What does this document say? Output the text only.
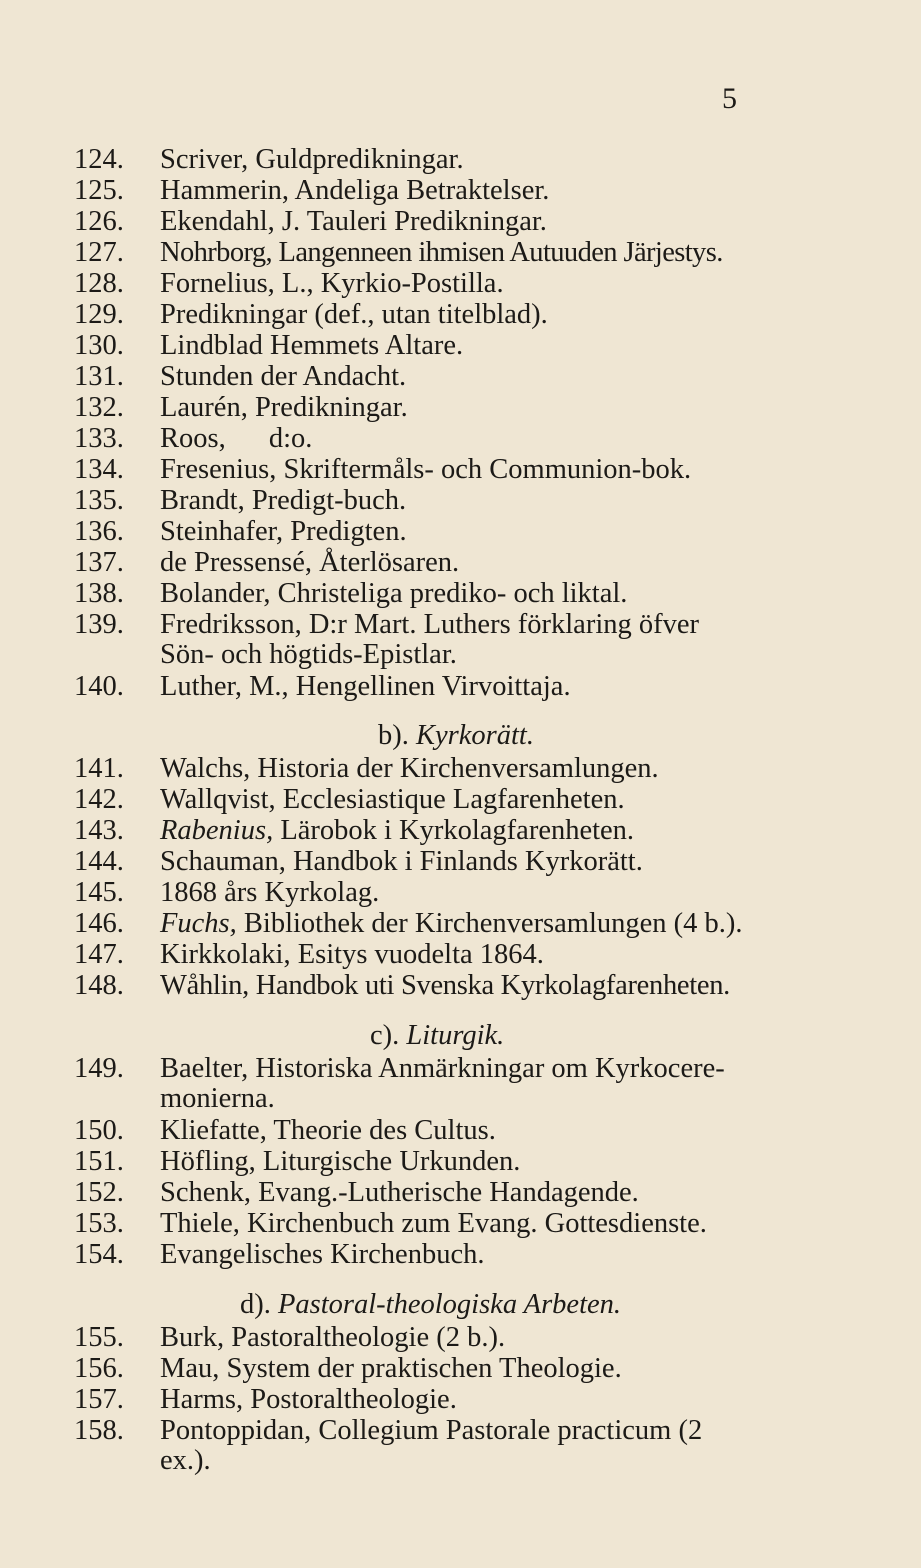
5
124.	Scriver, Guldpredikningar.
125.	Hammerin, Andeliga Betraktelser.
126.	Ekendahl, J. Tauleri Predikningar.
127.	Nohrborg, Langenneen ihmisen Autuuden Järjestys.
128.	Fornelius, L., Kyrkio-Postilla.
129.	Predikningar (def., utan titelblad).
130.	Lindblad Hemmets Altare.
131.	Stunden der Andacht.
132.	Laurén, Predikningar.
133.	Roos, d:o.
134.	Fresenius, Skriftermåls- och Communion-bok.
135.	Brandt, Predigt-buch.
136.	Steinhafer, Predigten.
137.	de Pressensé, Återlösaren.
138.	Bolander, Christeliga prediko- och liktal.
139.	Fredriksson, D:r Mart. Luthers förklaring öfver
Sön- och högtids-Epistlar.
140.	Luther, M., Hengellinen Virvoittaja.
b). Kyrkorätt.
141.	Walchs, Historia der Kirchenversamlungen.
142.	Wallqvist, Ecclesiastique Lagfarenheten.
143.	Rabenius, Lärobok i Kyrkolagfarenheten.
144.	Schauman, Handbok i Finlands Kyrkorätt.
145.	1868 års Kyrkolag.
146.	Fuchs, Bibliothek der Kirchenversamlungen (4 b.).
147.	Kirkkolaki, Esitys vuodelta 1864.
148.	Wåhlin, Handbok uti Svenska Kyrkolagfarenheten.
c). Liturgik.
149.	Baelter, Historiska Anmärkningar om Kyrkocere-
monierna.
150.	Kliefatte, Theorie des Cultus.
151.	Höfling, Liturgische Urkunden.
152.	Schenk, Evang.-Lutherische Handagende.
153.	Thiele, Kirchenbuch zum Evang. Gottesdienste.
154.	Evangelisches Kirchenbuch.
d). Pastoral-theologiska Arbeten.
155.	Burk, Pastoraltheologie (2 b.).
156.	Mau, System der praktischen Theologie.
157.	Harms, Postoraltheologie.
158.	Pontoppidan, Collegium Pastorale practicum (2
ex.).
